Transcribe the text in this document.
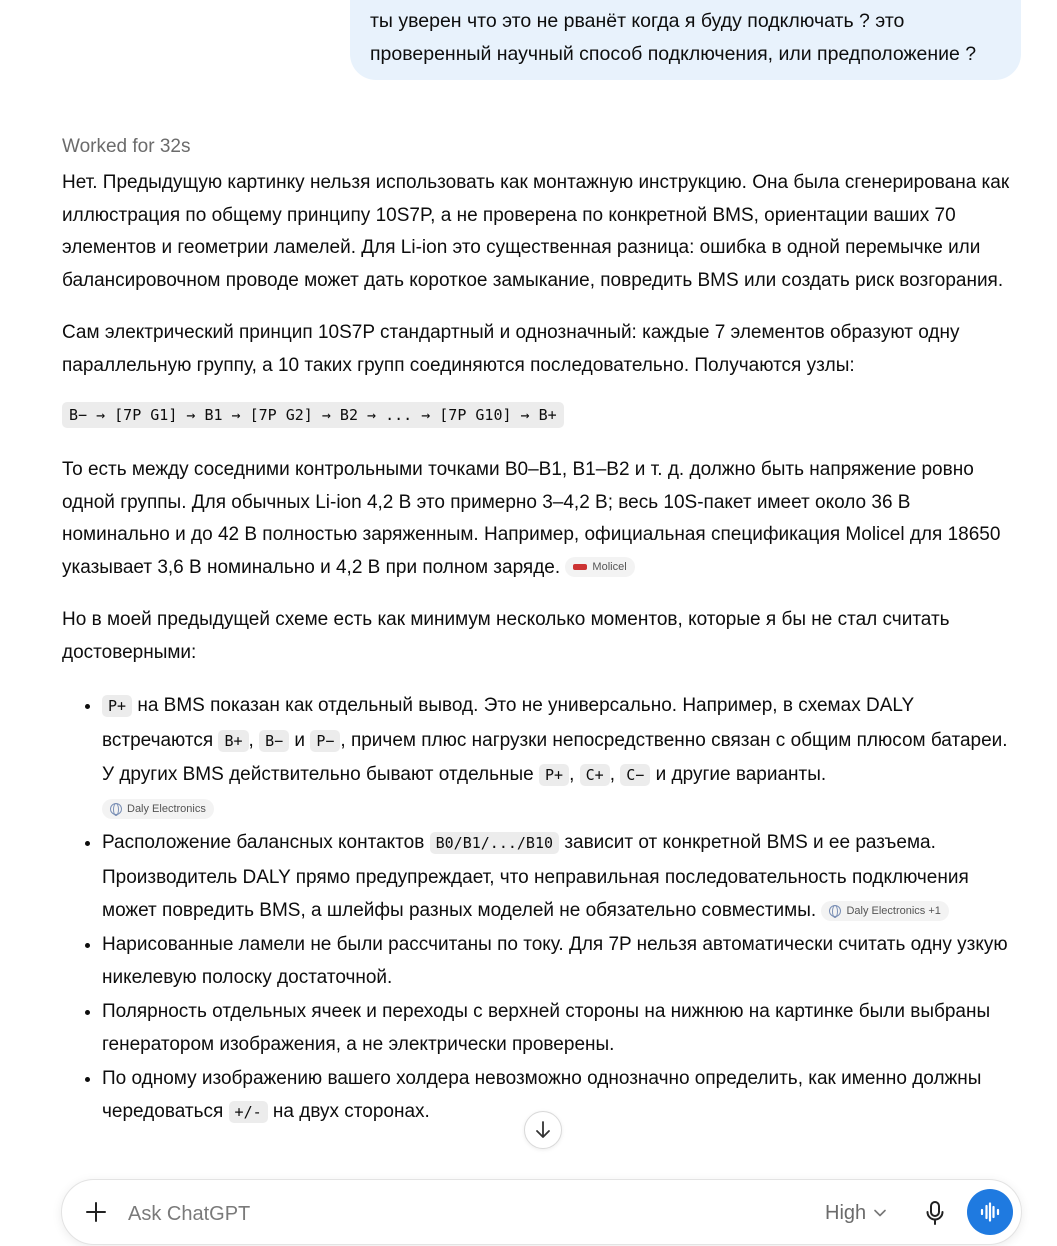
ты уверен что это не рванёт когда я буду подключать ? это

проверенный научный способ подключения, или предположение ?

Worked for 32s
Нет. Предыдущую картинку нельзя использовать как монтажную инструкцию. Она была сгенерирована как иллюстрация по общему принципу 10S7P, а не проверена по конкретной BMS, ориентации ваших 70 элементов и геометрии ламелей. Для Li-ion это существенная разница: ошибка в одной перемычке или балансировочном проводе может дать короткое замыкание, повредить BMS или создать риск возгорания.
Сам электрический принцип 10S7P стандартный и однозначный: каждые 7 элементов образуют одну параллельную группу, а 10 таких групп соединяются последовательно. Получаются узлы:
B− → [7P G1] → B1 → [7P G2] → B2 → ... → [7P G10] → B+
То есть между соседними контрольными точками B0–B1, B1–B2 и т. д. должно быть напряжение ровно одной группы. Для обычных Li-ion 4,2 В это примерно 3–4,2 В; весь 10S-пакет имеет около 36 В номинально и до 42 В полностью заряженным. Например, официальная спецификация Molicel для 18650 указывает 3,6 В номинально и 4,2 В при полном заряде.	Molicel
Но в моей предыдущей схеме есть как минимум несколько моментов, которые я бы не стал считать достоверными:
• P+ на BMS показан как отдельный вывод. Это не универсально. Например, в схемах DALY встречаются B+ , B− и P− , причем плюс нагрузки непосредственно связан с общим плюсом батареи. У других BMS действительно бывают отдельные P+ , C+ , C− и другие варианты.

Daly Electronics
• Расположение балансных контактов B0/B1/.../B10 зависит от конкретной BMS и ее разъема. Производитель DALY прямо предупреждает, что неправильная последовательность подключения может повредить BMS, а шлейфы разных моделей не обязательно совместимы.	Daly Electronics +1
• Нарисованные ламели не были рассчитаны по току. Для 7P нельзя автоматически считать одну узкую никелевую полоску достаточной.
• Полярность отдельных ячеек и переходы с верхней стороны на нижнюю на картинке были выбраны генератором изображения, а не электрически проверены.
• По одному изображению вашего холдера невозможно однозначно определить, как именно должны чередоваться +/- на двух сторонах.
Ask ChatGPT
High
